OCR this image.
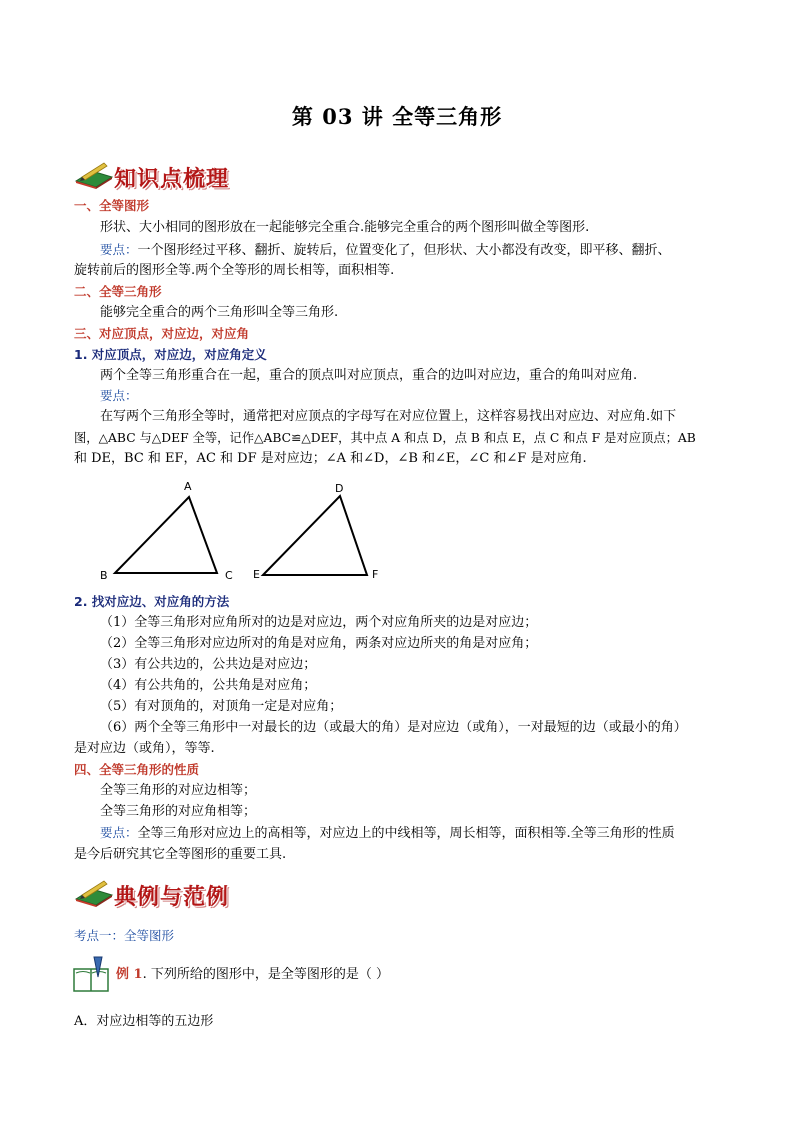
第 03 讲 全等三角形
知识点梳理
一、全等图形
形状、大小相同的图形放在一起能够完全重合.能够完全重合的两个图形叫做全等图形.
要点：一个图形经过平移、翻折、旋转后，位置变化了，但形状、大小都没有改变，即平移、翻折、
旋转前后的图形全等.两个全等形的周长相等，面积相等.
二、全等三角形
能够完全重合的两个三角形叫全等三角形.
三、对应顶点，对应边，对应角
1. 对应顶点，对应边，对应角定义
两个全等三角形重合在一起，重合的顶点叫对应顶点，重合的边叫对应边，重合的角叫对应角.
要点：
在写两个三角形全等时，通常把对应顶点的字母写在对应位置上，这样容易找出对应边、对应角.如下
图，△ABC 与△DEF 全等，记作△ABC≌△DEF，其中点 A 和点 D，点 B 和点 E，点 C 和点 F 是对应顶点；AB
和 DE，BC 和 EF，AC 和 DF 是对应边；∠A 和∠D，∠B 和∠E，∠C 和∠F 是对应角.
A
B	C
D
E	F
2. 找对应边、对应角的方法
（1）全等三角形对应角所对的边是对应边，两个对应角所夹的边是对应边；
（2）全等三角形对应边所对的角是对应角，两条对应边所夹的角是对应角；
（3）有公共边的，公共边是对应边；
（4）有公共角的，公共角是对应角；
（5）有对顶角的，对顶角一定是对应角；
（6）两个全等三角形中一对最长的边（或最大的角）是对应边（或角），一对最短的边（或最小的角）
是对应边（或角），等等.
四、全等三角形的性质
全等三角形的对应边相等；
全等三角形的对应角相等；
要点：全等三角形对应边上的高相等，对应边上的中线相等，周长相等，面积相等.全等三角形的性质
是今后研究其它全等图形的重要工具.
典例与范例
考点一：全等图形
例 1. 下列所给的图形中，是全等图形的是（ ）
A．对应边相等的五边形
